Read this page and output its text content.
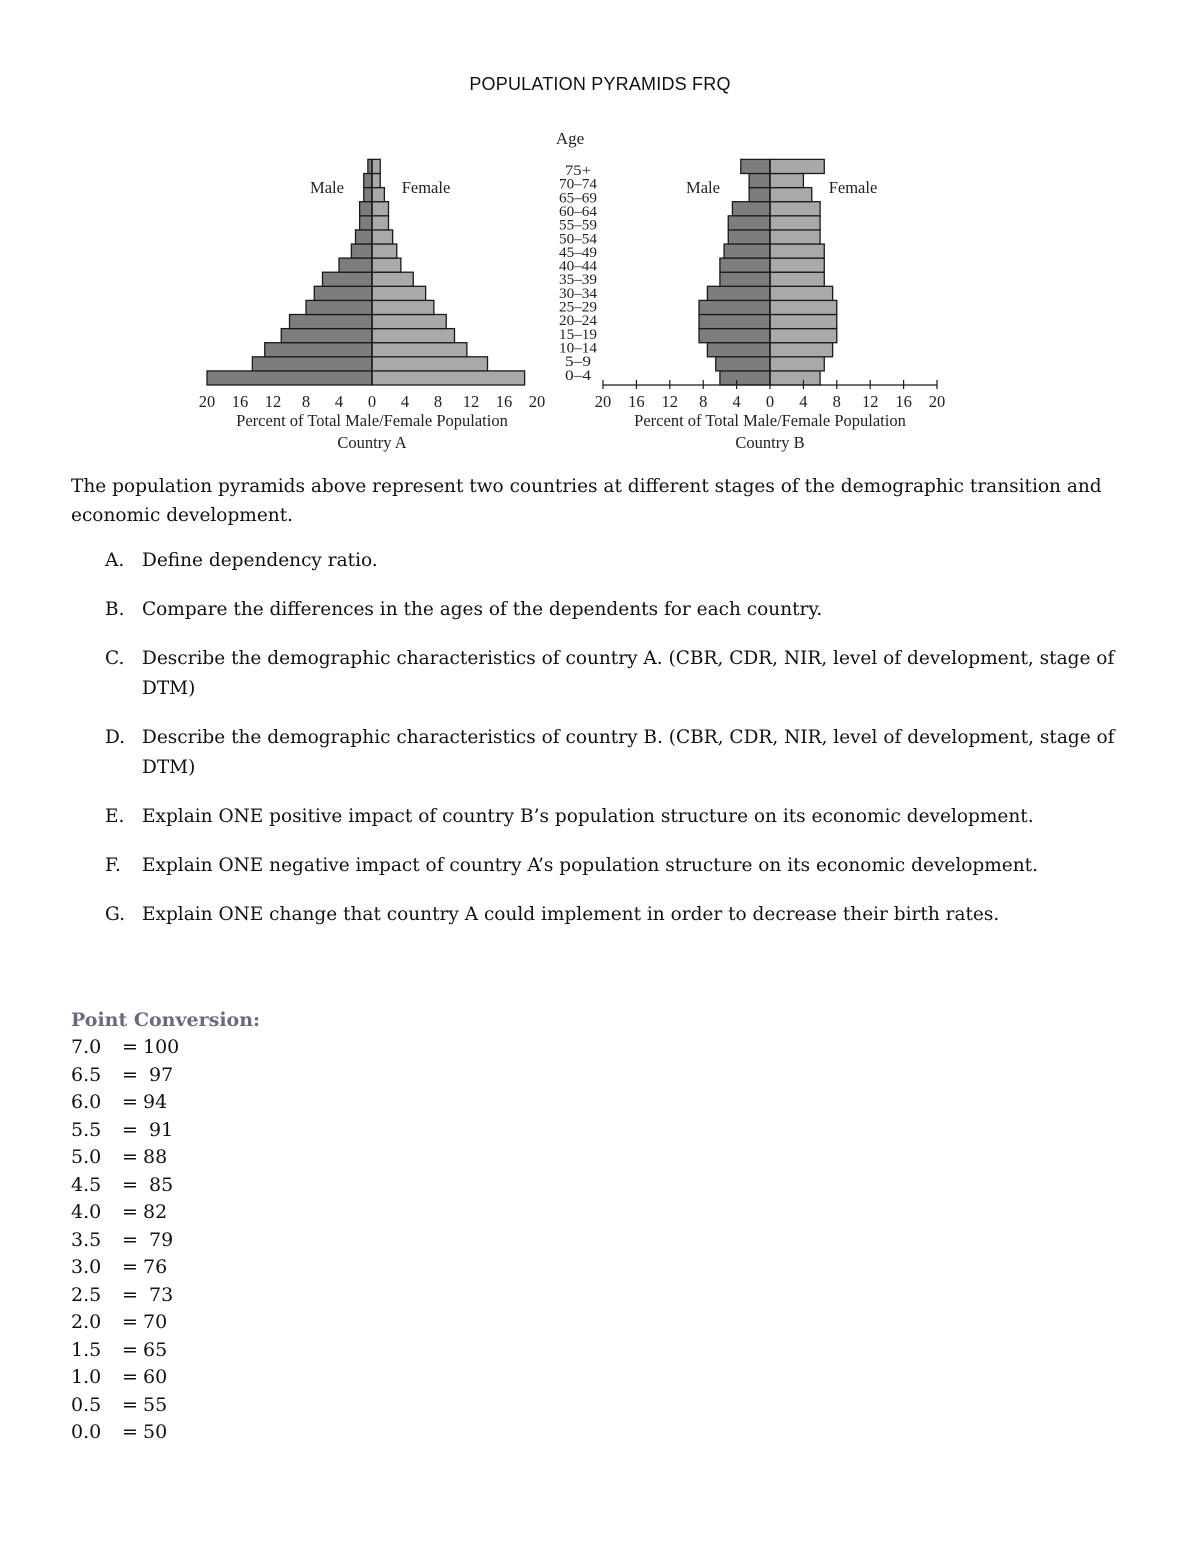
POPULATION PYRAMIDS FRQ
20 16 12 8 4 0 4 8 12 16 20
Percent of Total Male/Female Population
Country A
20 16 12 8 4 0 4 8 12 16 20
Percent of Total Male/Female Population
Country B
Male	Female	Male	Female
Age
75+
70–74
65–69
60–64
55–59
50–54
45–49
40–44
35–39
30–34
25–29
20–24
15–19
10–14
5–9
0–4
The population pyramids above represent two countries at different stages of the demographic transition and economic development.
A. Define dependency ratio.
B. Compare the differences in the ages of the dependents for each country.
C. Describe the demographic characteristics of country A. (CBR, CDR, NIR, level of development, stage of DTM)
D. Describe the demographic characteristics of country B. (CBR, CDR, NIR, level of development, stage of DTM)
E. Explain ONE positive impact of country B’s population structure on its economic development.
F. Explain ONE negative impact of country A’s population structure on its economic development.
G. Explain ONE change that country A could implement in order to decrease their birth rates.
Point Conversion:
7.0 = 100
6.5 = 97
6.0 = 94
5.5 = 91
5.0 = 88
4.5 = 85
4.0 = 82
3.5 = 79
3.0 = 76
2.5 = 73
2.0 = 70
1.5 = 65
1.0 = 60
0.5 = 55
0.0 = 50
